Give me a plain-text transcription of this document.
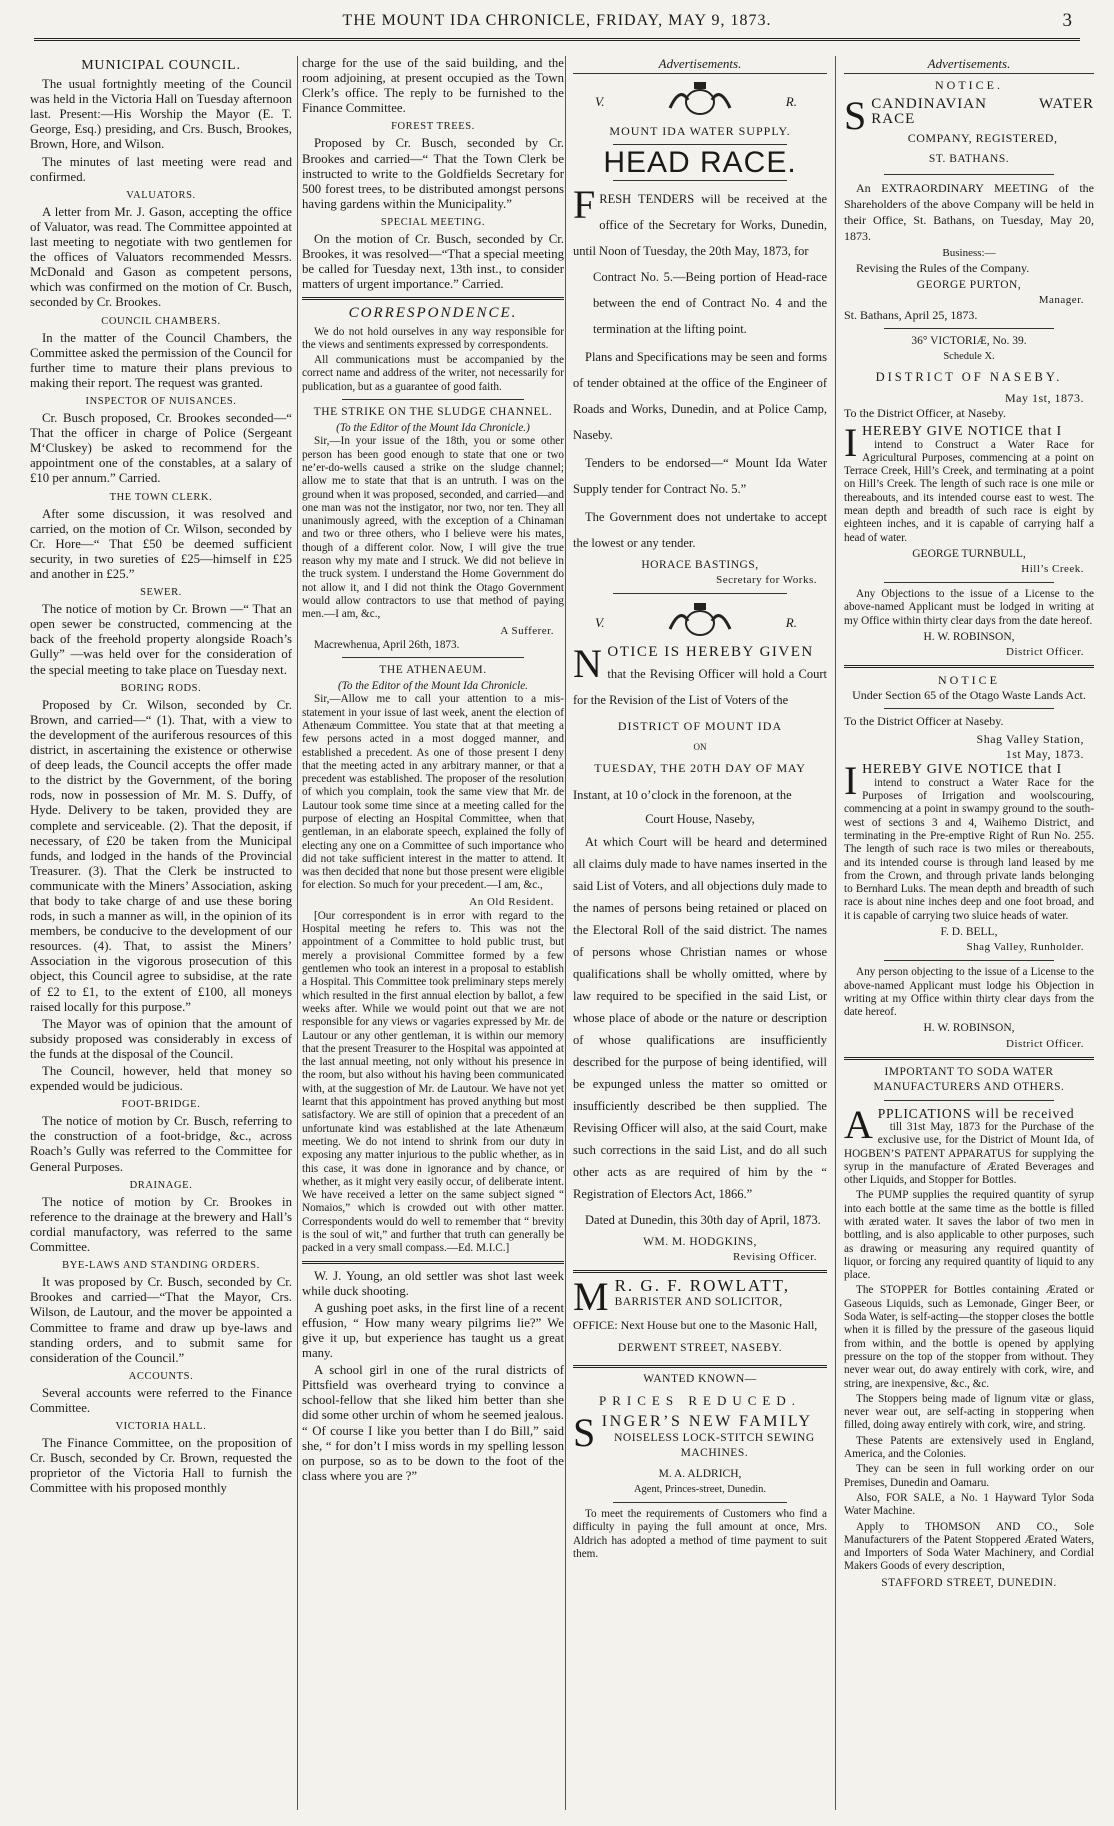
THE MOUNT IDA CHRONICLE, FRIDAY, MAY 9, 1873.	3
MUNICIPAL COUNCIL.

The usual fortnightly meeting of the Council was held in the Victoria Hall on Tuesday afternoon last. Present:—His Worship the Mayor (E. T. George, Esq.) presiding, and Crs. Busch, Brookes, Brown, Hore, and Wilson.

The minutes of last meeting were read and confirmed.

VALUATORS.

A letter from Mr. J. Gason, accepting the office of Valuator, was read. The Committee appointed at last meeting to negotiate with two gentlemen for the offices of Valuators recommended Messrs. McDonald and Gason as competent persons, which was confirmed on the motion of Cr. Busch, seconded by Cr. Brookes.

COUNCIL CHAMBERS.

In the matter of the Council Chambers, the Committee asked the permission of the Council for further time to mature their plans previous to making their report. The request was granted.

INSPECTOR OF NUISANCES.

Cr. Busch proposed, Cr. Brookes seconded—“ That the officer in charge of Police (Sergeant M‘Cluskey) be asked to recommend for the appointment one of the constables, at a salary of £10 per annum.” Carried.

THE TOWN CLERK.

After some discussion, it was resolved and carried, on the motion of Cr. Wilson, seconded by Cr. Hore—“ That £50 be deemed sufficient security, in two sureties of £25—himself in £25 and another in £25.”

SEWER.

The notice of motion by Cr. Brown —“ That an open sewer be constructed, commencing at the back of the freehold property alongside Roach’s Gully” —was held over for the consideration of the special meeting to take place on Tuesday next.

BORING RODS.

Proposed by Cr. Wilson, seconded by Cr. Brown, and carried—“ (1). That, with a view to the development of the auriferous resources of this district, in ascertaining the existence or otherwise of deep leads, the Council accepts the offer made to the district by the Government, of the boring rods, now in possession of Mr. M. S. Duffy, of Hyde. Delivery to be taken, provided they are complete and serviceable. (2). That the deposit, if necessary, of £20 be taken from the Municipal funds, and lodged in the hands of the Provincial Treasurer. (3). That the Clerk be instructed to communicate with the Miners’ Association, asking that body to take charge of and use these boring rods, in such a manner as will, in the opinion of its members, be conducive to the development of our resources. (4). That, to assist the Miners’ Association in the vigorous prosecution of this object, this Council agree to subsidise, at the rate of £2 to £1, to the extent of £100, all moneys raised locally for this purpose.”

The Mayor was of opinion that the amount of subsidy proposed was considerably in excess of the funds at the disposal of the Council.

The Council, however, held that money so expended would be judicious.

FOOT-BRIDGE.

The notice of motion by Cr. Busch, referring to the construction of a foot-bridge, &c., across Roach’s Gully was referred to the Committee for General Purposes.

DRAINAGE.

The notice of motion by Cr. Brookes in reference to the drainage at the brewery and Hall’s cordial manufactory, was referred to the same Committee.

BYE-LAWS AND STANDING ORDERS.

It was proposed by Cr. Busch, seconded by Cr. Brookes and carried—“That the Mayor, Crs. Wilson, de Lautour, and the mover be appointed a Committee to frame and draw up bye-laws and standing orders, and to submit same for consideration of the Council.”

ACCOUNTS.

Several accounts were referred to the Finance Committee.

VICTORIA HALL.

The Finance Committee, on the proposition of Cr. Busch, seconded by Cr. Brown, requested the proprietor of the Victoria Hall to furnish the Committee with his proposed monthly

charge for the use of the said building, and the room adjoining, at present occupied as the Town Clerk’s office. The reply to be furnished to the Finance Committee.

FOREST TREES.

Proposed by Cr. Busch, seconded by Cr. Brookes and carried—“ That the Town Clerk be instructed to write to the Goldfields Secretary for 500 forest trees, to be distributed amongst persons having gardens within the Municipality.”

SPECIAL MEETING.

On the motion of Cr. Busch, seconded by Cr. Brookes, it was resolved—“That a special meeting be called for Tuesday next, 13th inst., to consider matters of urgent importance.” Carried.

CORRESPONDENCE.

We do not hold ourselves in any way responsible for the views and sentiments expressed by correspondents.

All communications must be accompanied by the correct name and address of the writer, not necessarily for publication, but as a guarantee of good faith.

THE STRIKE ON THE SLUDGE CHANNEL.
(To the Editor of the Mount Ida Chronicle.)

Sir,—In your issue of the 18th, you or some other person has been good enough to state that one or two ne’er-do-wells caused a strike on the sludge channel; allow me to state that that is an untruth. I was on the ground when it was proposed, seconded, and carried—and one man was not the instigator, nor two, nor ten. They all unanimously agreed, with the exception of a Chinaman and two or three others, who I believe were his mates, though of a different color. Now, I will give the true reason why my mate and I struck. We did not believe in the truck system. I understand the Home Government do not allow it, and I did not think the Otago Government would allow contractors to use that method of paying men.—I am, &c.,

A Sufferer.

Macrewhenua, April 26th, 1873.

THE ATHENAEUM.
(To the Editor of the Mount Ida Chronicle.

Sir,—Allow me to call your attention to a mis-statement in your issue of last week, anent the election of Athenæum Committee. You state that at that meeting a few persons acted in a most dogged manner, and established a precedent. As one of those present I deny that the meeting acted in any arbitrary manner, or that a precedent was established. The proposer of the resolution of which you complain, took the same view that Mr. de Lautour took some time since at a meeting called for the purpose of electing an Hospital Committee, when that gentleman, in an elaborate speech, explained the folly of electing any one on a Committee of such importance who did not take sufficient interest in the matter to attend. It was then decided that none but those present were eligible for election. So much for your precedent.—I am, &c.,

An Old Resident.

[Our correspondent is in error with regard to the Hospital meeting he refers to. This was not the appointment of a Committee to hold public trust, but merely a provisional Committee formed by a few gentlemen who took an interest in a proposal to establish a Hospital. This Committee took preliminary steps merely which resulted in the first annual election by ballot, a few weeks after. While we would point out that we are not responsible for any views or vagaries expressed by Mr. de Lautour or any other gentleman, it is within our memory that the present Treasurer to the Hospital was appointed at the last annual meeting, not only without his presence in the room, but also without his having been communicated with, at the suggestion of Mr. de Lautour. We have not yet learnt that this appointment has proved anything but most satisfactory. We are still of opinion that a precedent of an unfortunate kind was established at the late Athenæum meeting. We do not intend to shrink from our duty in exposing any matter injurious to the public whether, as in this case, it was done in ignorance and by chance, or whether, as it might very easily occur, of deliberate intent. We have received a letter on the same subject signed “ Nomaios,” which is crowded out with other matter. Correspondents would do well to remember that “ brevity is the soul of wit,” and further that truth can generally be packed in a very small compass.—Ed. M.I.C.]

W. J. Young, an old settler was shot last week while duck shooting.

A gushing poet asks, in the first line of a recent effusion, “ How many weary pilgrims lie?” We give it up, but experience has taught us a great many.

A school girl in one of the rural districts of Pittsfield was overheard trying to convince a school-fellow that she liked him better than she did some other urchin of whom he seemed jealous. “ Of course I like you better than I do Bill,” said she, “ for don’t I miss words in my spelling lesson on purpose, so as to be down to the foot of the class where you are ?”

Advertisements.
V.	R.
MOUNT IDA WATER SUPPLY.
HEAD RACE.
FRESH TENDERS will be received at the office of the Secretary for Works, Dunedin, until Noon of Tuesday, the 20th May, 1873, for

Contract No. 5.—Being portion of Head-race between the end of Contract No. 4 and the termination at the lifting point.

Plans and Specifications may be seen and forms of tender obtained at the office of the Engineer of Roads and Works, Dunedin, and at Police Camp, Naseby.

Tenders to be endorsed—“ Mount Ida Water Supply tender for Contract No. 5.”

The Government does not undertake to accept the lowest or any tender.

HORACE BASTINGS,
Secretary for Works.
V.	R.
NOTICE IS HEREBY GIVEN

that the Revising Officer will hold a Court for the Revision of the List of Voters of the

DISTRICT OF MOUNT IDA
ON
TUESDAY, THE 20TH DAY OF MAY

Instant, at 10 o’clock in the forenoon, at the

Court House, Naseby,

At which Court will be heard and determined all claims duly made to have names inserted in the said List of Voters, and all objections duly made to the names of persons being retained or placed on the Electoral Roll of the said district. The names of persons whose Christian names or whose qualifications shall be wholly omitted, where by law required to be specified in the said List, or whose place of abode or the nature or description of whose qualifications are insufficiently described for the purpose of being identified, will be expunged unless the matter so omitted or insufficiently described be then supplied. The Revising Officer will also, at the said Court, make such corrections in the said List, and do all such other acts as are required of him by the “ Registration of Electors Act, 1866.”

Dated at Dunedin, this 30th day of April, 1873.

WM. M. HODGKINS,
Revising Officer.
M R. G. F. ROWLATT,
BARRISTER AND SOLICITOR,

OFFICE: Next House but one to the Masonic Hall,

DERWENT STREET, NASEBY.
WANTED KNOWN—
PRICES REDUCED.
SINGER’S NEW FAMILY
NOISELESS LOCK-STITCH SEWING MACHINES.
M. A. ALDRICH,
Agent, Princes-street, Dunedin.

To meet the requirements of Customers who find a difficulty in paying the full amount at once, Mrs. Aldrich has adopted a method of time payment to suit them.

Advertisements.
NOTICE.
SCANDINAVIAN WATER RACE
COMPANY, REGISTERED,
ST. BATHANS.

An EXTRAORDINARY MEETING of the Shareholders of the above Company will be held in their Office, St. Bathans, on Tuesday, May 20, 1873.

Business:—

Revising the Rules of the Company.

GEORGE PURTON,
Manager.

St. Bathans, April 25, 1873.

36° VICTORIÆ, No. 39.
Schedule X.
DISTRICT OF NASEBY.
May 1st, 1873.

To the District Officer, at Naseby.

IHEREBY GIVE NOTICE that I

intend to Construct a Water Race for Agricultural Purposes, commencing at a point on Terrace Creek, Hill’s Creek, and terminating at a point on Hill’s Creek. The length of such race is one mile or thereabouts, and its intended course east to west. The mean depth and breadth of such race is eight by eighteen inches, and it is capable of carrying half a head of water.

GEORGE TURNBULL,
Hill’s Creek.

Any Objections to the issue of a License to the above-named Applicant must be lodged in writing at my Office within thirty clear days from the date hereof.

H. W. ROBINSON,
District Officer.
NOTICE
Under Section 65 of the Otago Waste Lands Act.

To the District Officer at Naseby.

Shag Valley Station,
1st May, 1873.
IHEREBY GIVE NOTICE that I

intend to construct a Water Race for the Purposes of Irrigation and woolscouring, commencing at a point in swampy ground to the south-west of sections 3 and 4, Waihemo District, and terminating in the Pre-emptive Right of Run No. 255. The length of such race is two miles or thereabouts, and its intended course is through land leased by me from the Crown, and through private lands belonging to Bernhard Luks. The mean depth and breadth of such race is about nine inches deep and one foot broad, and it is capable of carrying two sluice heads of water.

F. D. BELL,
Shag Valley, Runholder.

Any person objecting to the issue of a License to the above-named Applicant must lodge his Objection in writing at my Office within thirty clear days from the date hereof.

H. W. ROBINSON,
District Officer.
IMPORTANT TO SODA WATER MANUFACTURERS AND OTHERS.
APPLICATIONS will be received

till 31st May, 1873 for the Purchase of the exclusive use, for the District of Mount Ida, of HOGBEN’S PATENT APPARATUS for supplying the syrup in the manufacture of Ærated Beverages and other Liquids, and Stopper for Bottles.

The PUMP supplies the required quantity of syrup into each bottle at the same time as the bottle is filled with ærated water. It saves the labor of two men in bottling, and is also applicable to other purposes, such as drawing or measuring any required quantity of liquor, or forcing any required quantity of liquid to any place.

The STOPPER for Bottles containing Ærated or Gaseous Liquids, such as Lemonade, Ginger Beer, or Soda Water, is self-acting—the stopper closes the bottle when it is filled by the pressure of the gaseous liquid from within, and the bottle is opened by applying pressure on the top of the stopper from without. They never wear out, do away entirely with cork, wire, and string, are inexpensive, &c., &c.

The Stoppers being made of lignum vitæ or glass, never wear out, are self-acting in stoppering when filled, doing away entirely with cork, wire, and string.

These Patents are extensively used in England, America, and the Colonies.

They can be seen in full working order on our Premises, Dunedin and Oamaru.

Also, FOR SALE, a No. 1 Hayward Tylor Soda Water Machine.

Apply to THOMSON AND CO., Sole Manufacturers of the Patent Stoppered Ærated Waters, and Importers of Soda Water Machinery, and Cordial Makers Goods of every description,

STAFFORD STREET, DUNEDIN.
